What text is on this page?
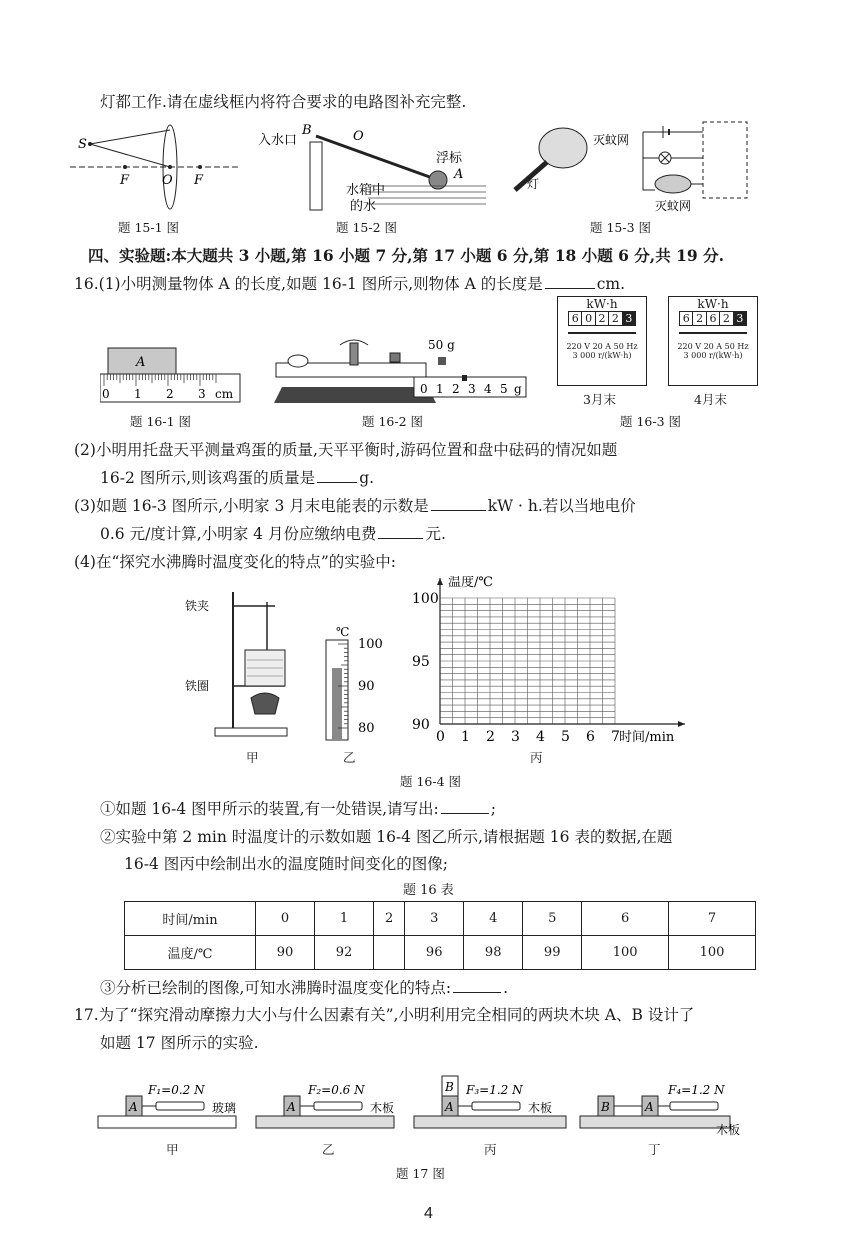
灯都工作.请在虚线框内将符合要求的电路图补充完整.
S
F	O F
题 15-1 图
入水口
B	O
浮标
A
水箱中
的水
题 15-2 图
灭蚊网
灯
灭蚊网
题 15-3 图
四、实验题:本大题共 3 小题,第 16 小题 7 分,第 17 小题 6 分,第 18 小题 6 分,共 19 分.
16.(1)小明测量物体 A 的长度,如题 16-1 图所示,则物体 A 的长度是	cm.
A
0 1 2 3 cm
题 16-1 图
50 g
0 1 2 3 4 5 g
题 16-2 图
kW·h
6 0 2 2 3
220 V 20 A 50 Hz
3 000 r/(kW·h)
kW·h
6 2 6 2 3
220 V 20 A 50 Hz
3 000 r/(kW·h)
3月末	4月末
题 16-3 图
(2)小明用托盘天平测量鸡蛋的质量,天平平衡时,游码位置和盘中砝码的情况如题
16-2 图所示,则该鸡蛋的质量是	g.
(3)如题 16-3 图所示,小明家 3 月末电能表的示数是	kW · h.若以当地电价
0.6 元/度计算,小明家 4 月份应缴纳电费	元.
(4)在“探究水沸腾时温度变化的特点”的实验中:
铁夹
铁圈
甲
℃
100
90
80
乙
0 1 2 3 4 5 6 7
90
95
100
温度/℃
时间/min
丙
题 16-4 图
①如题 16-4 图甲所示的装置,有一处错误,请写出:	;
②实验中第 2 min 时温度计的示数如题 16-4 图乙所示,请根据题 16 表的数据,在题
16-4 图丙中绘制出水的温度随时间变化的图像;
题 16 表
时间/min	0	1	2	3	4	5	6	7
温度/℃	90	92		96	98	99	100	100
③分析已绘制的图像,可知水沸腾时温度变化的特点:	.
17.为了“探究滑动摩擦力大小与什么因素有关”,小明利用完全相同的两块木块 A、B 设计了
如题 17 图所示的实验.
A
F₁=0.2 N
玻璃	A
F₂=0.6 N
木板
B
A
F₃=1.2 N
木板	B	A
F₄=1.2 N
木板
甲	乙	丙	丁
题 17 图
4
